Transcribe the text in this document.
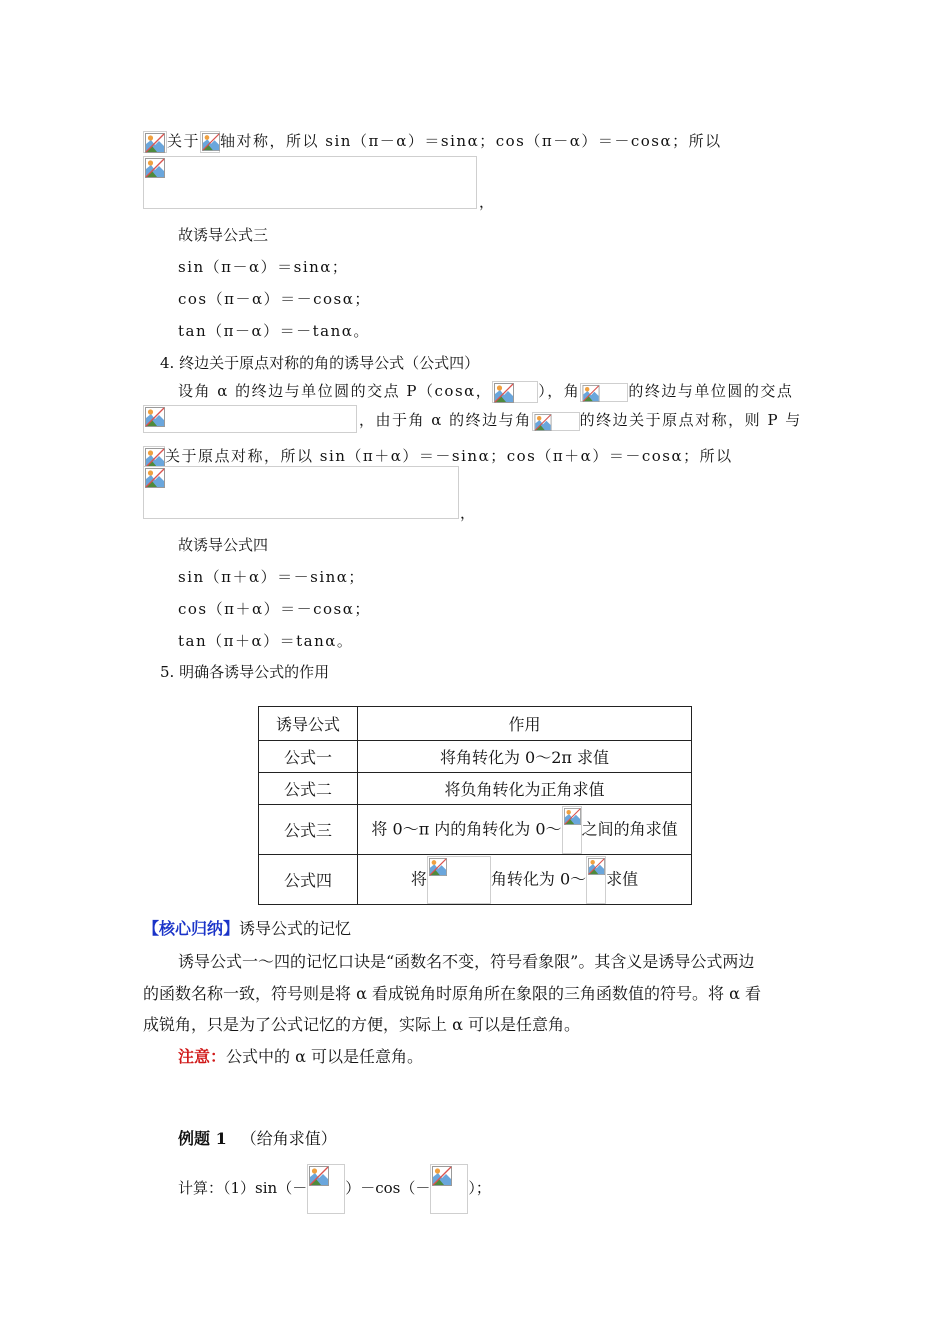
关于 轴对称，所以 sin（π－α）＝sinα；cos（π－α）＝－cosα；所以
，
故诱导公式三
sin（π－α）＝sinα；
cos（π－α）＝－cosα；
tan（π－α）＝－tanα。
4. 终边关于原点对称的角的诱导公式（公式四）
设角 α 的终边与单位圆的交点 P（cosα，	），角	的终边与单位圆的交点
，由于角 α 的终边与角	的终边关于原点对称，则 P 与
关于原点对称，所以 sin（π＋α）＝－sinα；cos（π＋α）＝－cosα；所以
，
故诱导公式四
sin（π＋α）＝－sinα；
cos（π＋α）＝－cosα；
tan（π＋α）＝tanα。
5. 明确各诱导公式的作用
诱导公式	作用
公式一	将角转化为 0～2π 求值
公式二	将负角转化为正角求值
公式三	将 0～π 内的角转化为 0～ 之间的角求值
公式四	将 角转化为 0～ 求值
【核心归纳】诱导公式的记忆
诱导公式一～四的记忆口诀是“函数名不变，符号看象限”。其含义是诱导公式两边
的函数名称一致，符号则是将 α 看成锐角时原角所在象限的三角函数值的符号。将 α 看
成锐角，只是为了公式记忆的方便，实际上 α 可以是任意角。
注意：公式中的 α 可以是任意角。
例题 1 （给角求值）
计算：（1）sin（－	）－cos（－	）；
